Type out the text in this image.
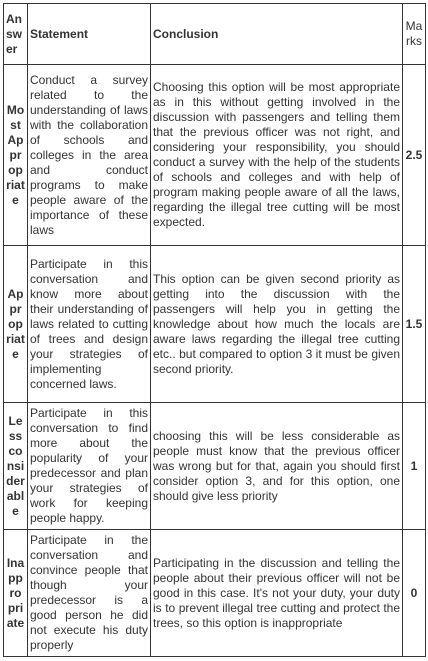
Answer	Statement	Conclusion	Marks
Most Appropriate	Conduct a survey related to the understanding of laws with the collaboration of schools and colleges in the area and conduct programs to make people aware of the importance of these laws	Choosing this option will be most appropriate as in this without getting involved in the discussion with passengers and telling them that the previous officer was not right, and considering your responsibility, you should conduct a survey with the help of the students of schools and colleges and with help of program making people aware of all the laws, regarding the illegal tree cutting will be most expected.	2.5
Appropriate	Participate in this conversation and know more about their understanding of laws related to cutting of trees and design your strategies of implementing concerned laws.	This option can be given second priority as getting into the discussion with the passengers will help you in getting the knowledge about how much the locals are aware laws regarding the illegal tree cutting etc.. but compared to option 3 it must be given second priority.	1.5
Less considerable	Participate in this conversation to find more about the popularity of your predecessor and plan your strategies of work for keeping people happy.	choosing this will be less considerable as people must know that the previous officer was wrong but for that, again you should first consider option 3, and for this option, one should give less priority	1
Inappropriate	Participate in the conversation and convince people that though your predecessor is a good person he did not execute his duty properly	Participating in the discussion and telling the people about their previous officer will not be good in this case. It's not your duty, your duty is to prevent illegal tree cutting and protect the trees, so this option is inappropriate	0
